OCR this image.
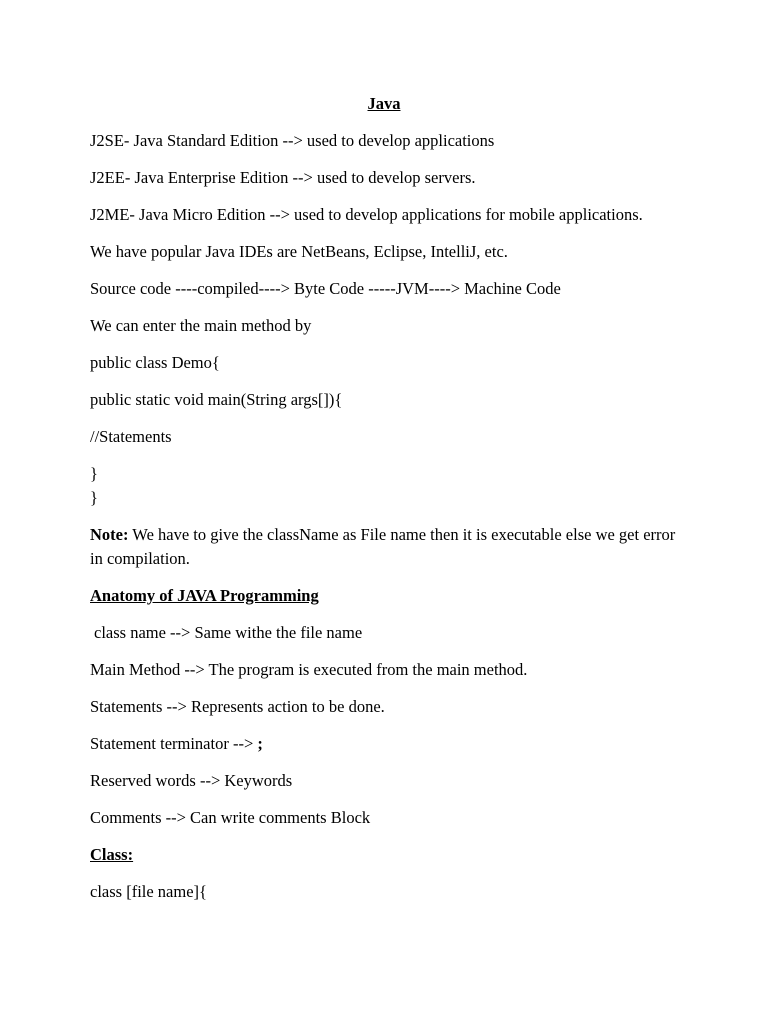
Java

J2SE- Java Standard Edition --> used to develop applications

J2EE- Java Enterprise Edition --> used to develop servers.

J2ME- Java Micro Edition --> used to develop applications for mobile applications.

We have popular Java IDEs are NetBeans, Eclipse, IntelliJ, etc.

Source code ----compiled----> Byte Code -----JVM----> Machine Code

We can enter the main method by

public class Demo{

public static void main(String args[]){

//Statements

}
}

Note: We have to give the className as File name then it is executable else we get error in compilation.

Anatomy of JAVA Programming

class name --> Same withe the file name

Main Method --> The program is executed from the main method.

Statements --> Represents action to be done.

Statement terminator --> ;

Reserved words --> Keywords

Comments --> Can write comments Block

Class:

class [file name]{
